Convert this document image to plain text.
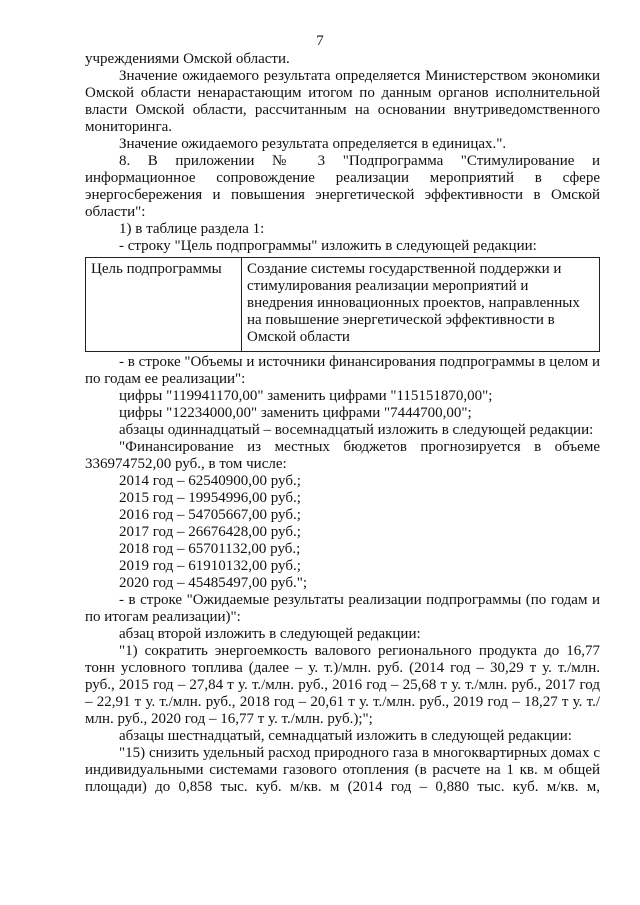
7

учреждениями Омской области.

Значение ожидаемого результата определяется Министерством экономики Омской области ненарастающим итогом по данным органов исполнительной власти Омской области, рассчитанным на основании внутриведомственного мониторинга.

Значение ожидаемого результата определяется в единицах.".

8. В приложении № 3 "Подпрограмма "Стимулирование и информационное сопровождение реализации мероприятий в сфере энергосбережения и повышения энергетической эффективности в Омской области":

1) в таблице раздела 1:

- строку "Цель подпрограммы" изложить в следующей редакции:

Цель подпрограммы	Создание системы государственной поддержки и стимулирования реализации мероприятий и внедрения инновационных проектов, направленных на повышение энергетической эффективности в Омской области

- в строке "Объемы и источники финансирования подпрограммы в целом и по годам ее реализации":

цифры "119941170,00" заменить цифрами "115151870,00";

цифры "12234000,00" заменить цифрами "7444700,00";

абзацы одиннадцатый – восемнадцатый изложить в следующей редакции:

"Финансирование из местных бюджетов прогнозируется в объеме 336974752,00 руб., в том числе:

2014 год – 62540900,00 руб.;

2015 год – 19954996,00 руб.;

2016 год – 54705667,00 руб.;

2017 год – 26676428,00 руб.;

2018 год – 65701132,00 руб.;

2019 год – 61910132,00 руб.;

2020 год – 45485497,00 руб.";

- в строке "Ожидаемые результаты реализации подпрограммы (по годам и по итогам реализации)":

абзац второй изложить в следующей редакции:

"1) сократить энергоемкость валового регионального продукта до 16,77 тонн условного топлива (далее – у. т.)/млн. руб. (2014 год – 30,29 т у. т./млн. руб., 2015 год – 27,84 т у. т./млн. руб., 2016 год – 25,68 т у. т./млн. руб., 2017 год – 22,91 т у. т./млн. руб., 2018 год – 20,61 т у. т./млн. руб., 2019 год – 18,27 т у. т./млн. руб., 2020 год – 16,77 т у. т./млн. руб.);";

абзацы шестнадцатый, семнадцатый изложить в следующей редакции:

"15) снизить удельный расход природного газа в многоквартирных домах с индивидуальными системами газового отопления (в расчете на 1 кв. м общей площади) до 0,858 тыс. куб. м/кв. м (2014 год – 0,880 тыс. куб. м/кв. м,
